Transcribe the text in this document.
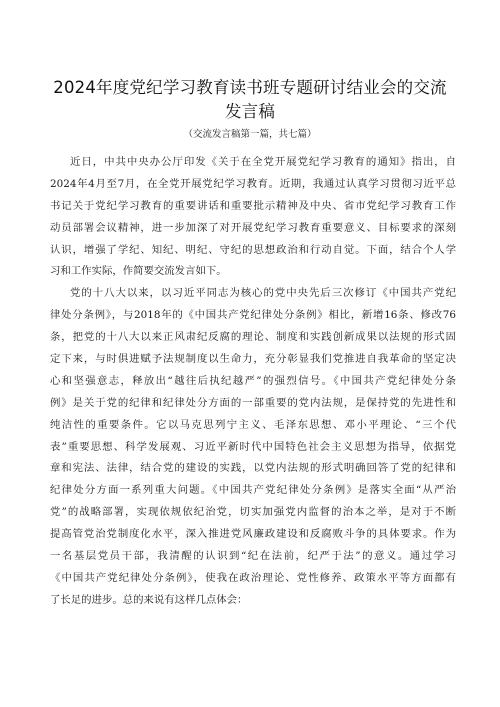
2024年度党纪学习教育读书班专题研讨结业会的交流
发言稿
（交流发言稿第一篇，共七篇）
近日，中共中央办公厅印发《关于在全党开展党纪学习教育的通知》指出，自
2024年4月至7月，在全党开展党纪学习教育。近期，我通过认真学习贯彻习近平总
书记关于党纪学习教育的重要讲话和重要批示精神及中央、省市党纪学习教育工作
动员部署会议精神，进一步加深了对开展党纪学习教育重要意义、目标要求的深刻
认识，增强了学纪、知纪、明纪、守纪的思想政治和行动自觉。下面，结合个人学
习和工作实际，作简要交流发言如下。
党的十八大以来，以习近平同志为核心的党中央先后三次修订《中国共产党纪
律处分条例》，与2018年的《中国共产党纪律处分条例》相比，新增16条、修改76
条，把党的十八大以来正风肃纪反腐的理论、制度和实践创新成果以法规的形式固
定下来，与时俱进赋予法规制度以生命力，充分彰显我们党推进自我革命的坚定决
心和坚强意志，释放出“越往后执纪越严”的强烈信号。《中国共产党纪律处分条
例》是关于党的纪律和纪律处分方面的一部重要的党内法规，是保持党的先进性和
纯洁性的重要条件。它以马克思列宁主义、毛泽东思想、邓小平理论、“三个代
表”重要思想、科学发展观、习近平新时代中国特色社会主义思想为指导，依据党
章和宪法、法律，结合党的建设的实践，以党内法规的形式明确回答了党的纪律和
纪律处分方面一系列重大问题。《中国共产党纪律处分条例》是落实全面“从严治
党”的战略部署，实现依规依纪治党，切实加强党内监督的治本之举，是对于不断
提高管党治党制度化水平，深入推进党风廉政建设和反腐败斗争的具体要求。作为
一名基层党员干部，我清醒的认识到“纪在法前，纪严于法”的意义。通过学习
《中国共产党纪律处分条例》，使我在政治理论、党性修养、政策水平等方面都有
了长足的进步。总的来说有这样几点体会：
